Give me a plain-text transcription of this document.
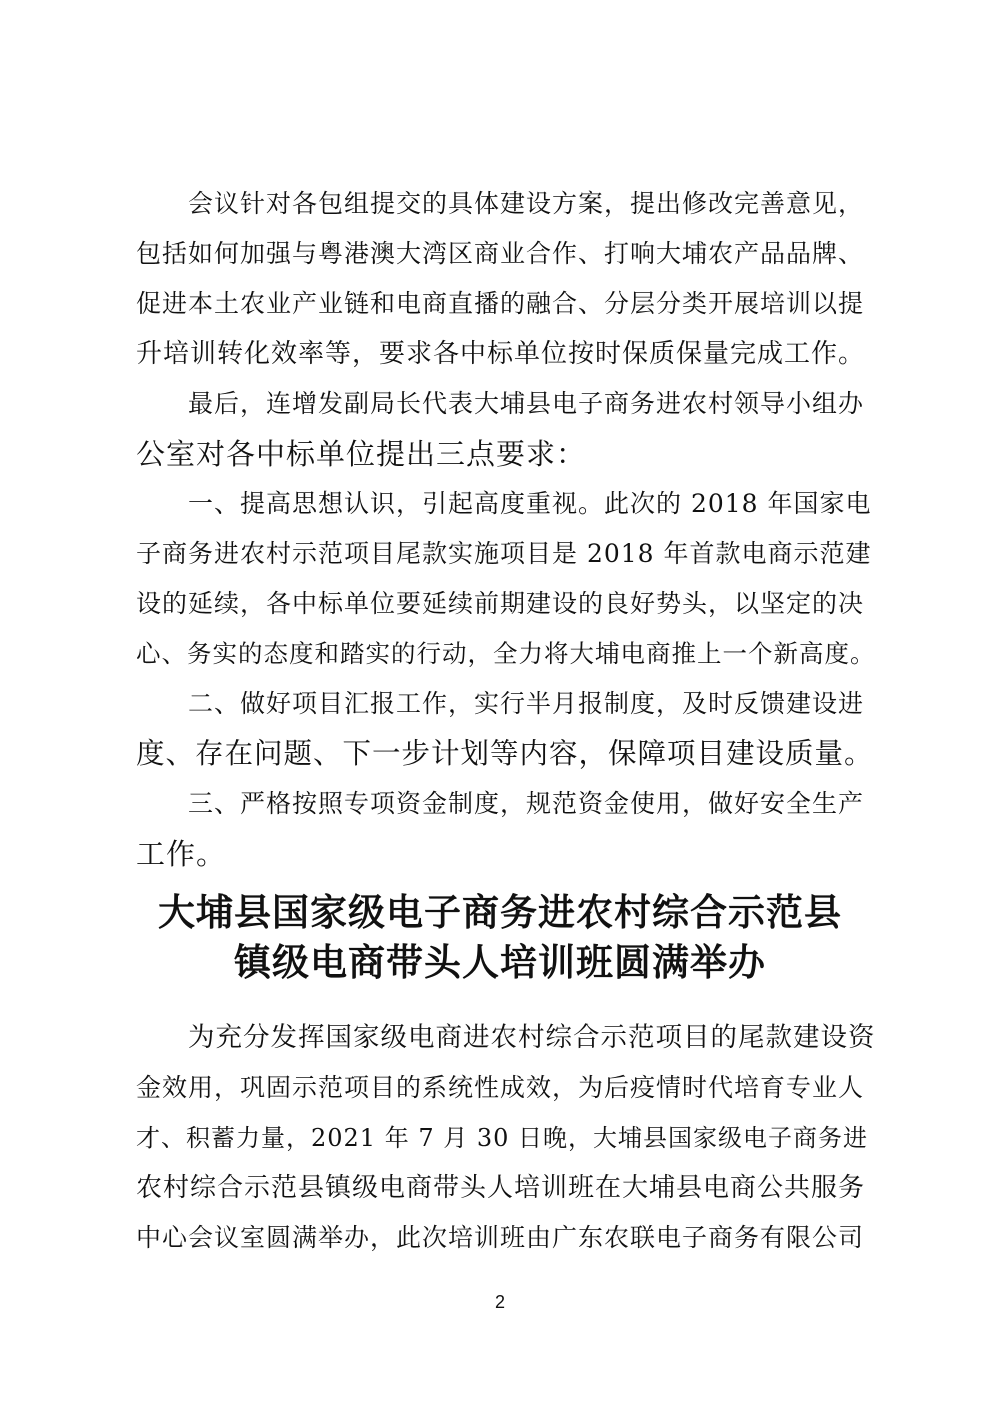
会议针对各包组提交的具体建设方案，提出修改完善意见，
包括如何加强与粤港澳大湾区商业合作、打响大埔农产品品牌、
促进本土农业产业链和电商直播的融合、分层分类开展培训以提
升培训转化效率等，要求各中标单位按时保质保量完成工作。
最后，连增发副局长代表大埔县电子商务进农村领导小组办
公室对各中标单位提出三点要求：
一、提高思想认识，引起高度重视。此次的 2018 年国家电
子商务进农村示范项目尾款实施项目是 2018 年首款电商示范建
设的延续，各中标单位要延续前期建设的良好势头，以坚定的决
心、务实的态度和踏实的行动，全力将大埔电商推上一个新高度。
二、做好项目汇报工作，实行半月报制度，及时反馈建设进
度、存在问题、下一步计划等内容，保障项目建设质量。
三、严格按照专项资金制度，规范资金使用，做好安全生产
工作。
大埔县国家级电子商务进农村综合示范县
镇级电商带头人培训班圆满举办
为充分发挥国家级电商进农村综合示范项目的尾款建设资
金效用，巩固示范项目的系统性成效，为后疫情时代培育专业人
才、积蓄力量，2021 年 7 月 30 日晚，大埔县国家级电子商务进
农村综合示范县镇级电商带头人培训班在大埔县电商公共服务
中心会议室圆满举办，此次培训班由广东农联电子商务有限公司
2
